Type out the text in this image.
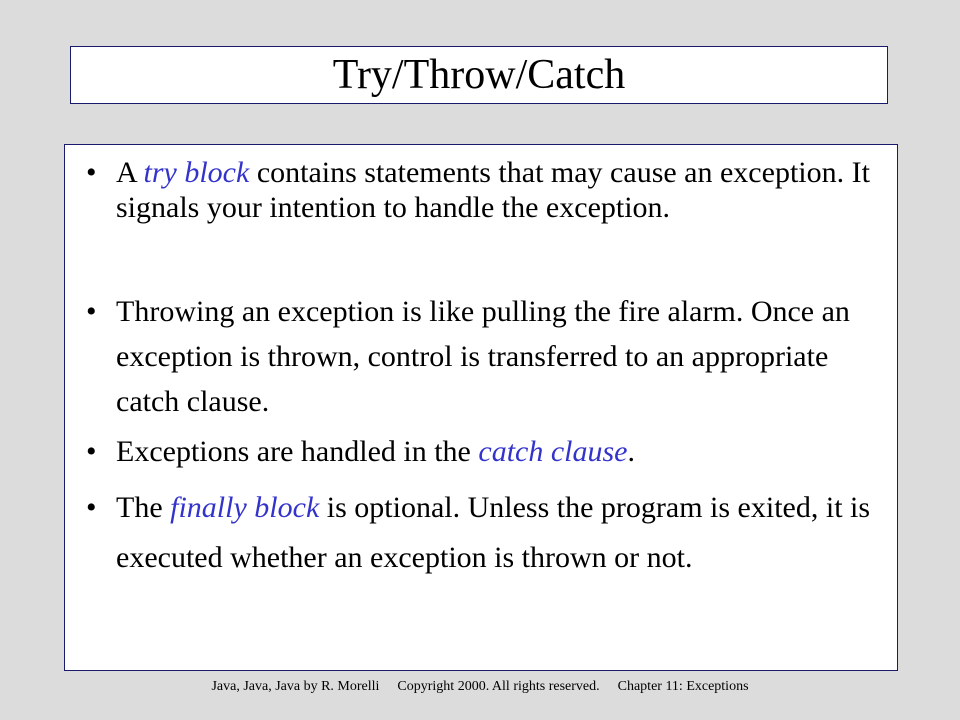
Try/Throw/Catch
• A try block contains statements that may cause an exception. It signals your intention to handle the exception.
• Throwing an exception is like pulling the fire alarm. Once an exception is thrown, control is transferred to an appropriate catch clause.
• Exceptions are handled in the catch clause.
• The finally block is optional. Unless the program is exited, it is executed whether an exception is thrown or not.
Java, Java, Java by R. Morelli Copyright 2000. All rights reserved. Chapter 11: Exceptions
